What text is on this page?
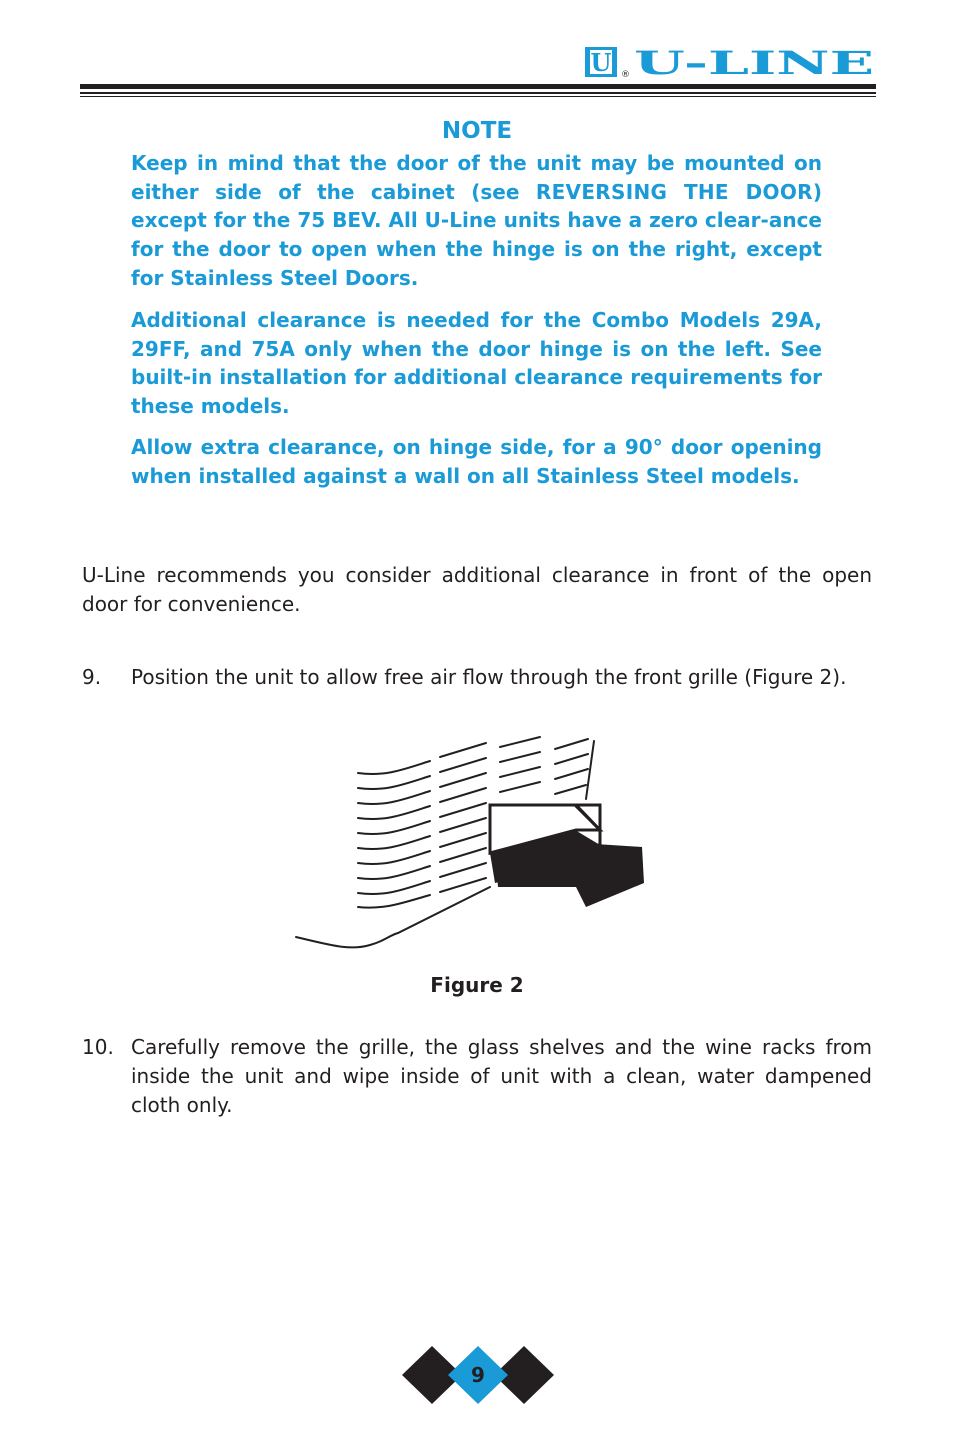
U ® U-LINE
NOTE

Keep in mind that the door of the unit may be mounted on either side of the cabinet (see REVERSING THE DOOR) except for the 75 BEV. All U-Line units have a zero clear-ance for the door to open when the hinge is on the right, except for Stainless Steel Doors.

Additional clearance is needed for the Combo Models 29A, 29FF, and 75A only when the door hinge is on the left. See built-in installation for additional clearance requirements for these models.

Allow extra clearance, on hinge side, for a 90° door opening when installed against a wall on all Stainless Steel models.

U-Line recommends you consider additional clearance in front of the open door for convenience.

9. Position the unit to allow free air flow through the front grille (Figure 2).
Figure 2
10. Carefully remove the grille, the glass shelves and the wine racks from inside the unit and wipe inside of unit with a clean, water dampened cloth only.
9
